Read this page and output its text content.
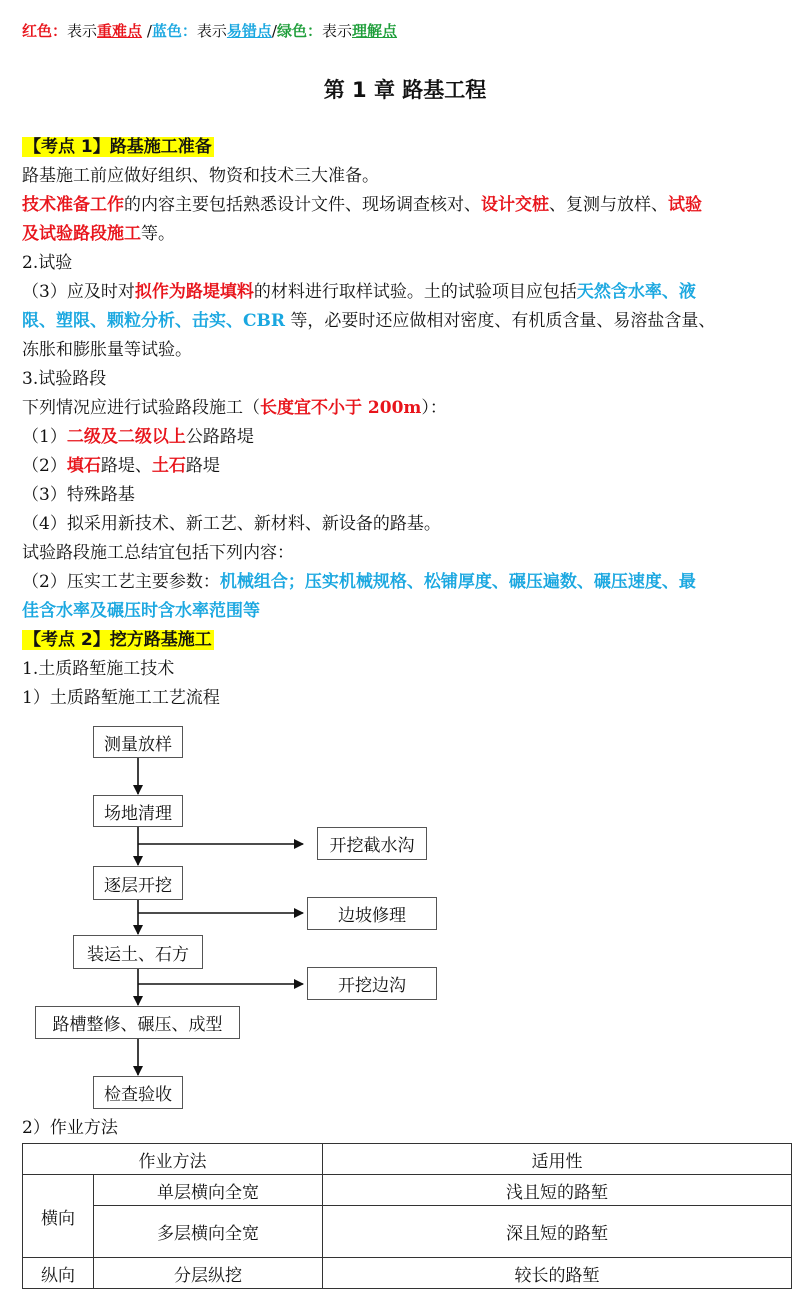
红色：表示重难点 /蓝色：表示易错点/绿色：表示理解点
第 1 章 路基工程
【考点 1】路基施工准备
路基施工前应做好组织、物资和技术三大准备。
技术准备工作的内容主要包括熟悉设计文件、现场调查核对、设计交桩、复测与放样、试验
及试验路段施工等。
2.试验
（3）应及时对拟作为路堤填料的材料进行取样试验。土的试验项目应包括天然含水率、液
限、塑限、颗粒分析、击实、CBR 等，必要时还应做相对密度、有机质含量、易溶盐含量、
冻胀和膨胀量等试验。
3.试验路段
下列情况应进行试验路段施工（长度宜不小于 200m）：
（1）二级及二级以上公路路堤
（2）填石路堤、土石路堤
（3）特殊路基
（4）拟采用新技术、新工艺、新材料、新设备的路基。
试验路段施工总结宜包括下列内容：
（2）压实工艺主要参数：机械组合；压实机械规格、松铺厚度、碾压遍数、碾压速度、最
佳含水率及碾压时含水率范围等
【考点 2】挖方路基施工
1.土质路堑施工技术
1）土质路堑施工工艺流程
测量放样
场地清理
开挖截水沟
逐层开挖
边坡修理
装运土、石方
开挖边沟
路槽整修、碾压、成型
检查验收
2）作业方法
作业方法		适用性
横向	单层横向全宽	浅且短的路堑
	多层横向全宽	深且短的路堑
纵向	分层纵挖	较长的路堑
